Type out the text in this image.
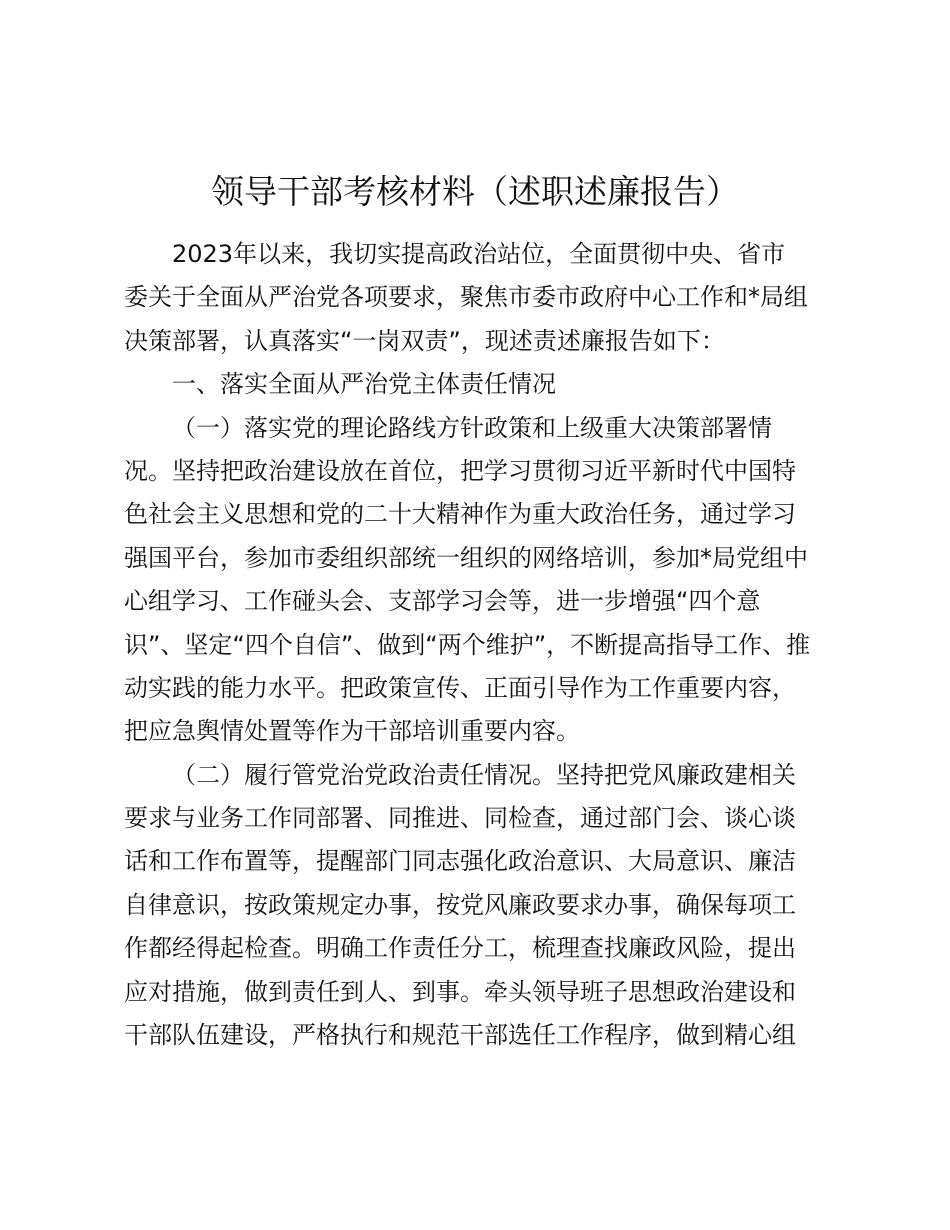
领导干部考核材料（述职述廉报告）
2023年以来，我切实提高政治站位，全面贯彻中央、省市
委关于全面从严治党各项要求，聚焦市委市政府中心工作和*局组
决策部署，认真落实“一岗双责”，现述责述廉报告如下：
一、落实全面从严治党主体责任情况
（一）落实党的理论路线方针政策和上级重大决策部署情
况。坚持把政治建设放在首位，把学习贯彻习近平新时代中国特
色社会主义思想和党的二十大精神作为重大政治任务，通过学习
强国平台，参加市委组织部统一组织的网络培训，参加*局党组中
心组学习、工作碰头会、支部学习会等，进一步增强“四个意
识”、坚定“四个自信”、做到“两个维护”，不断提高指导工作、推
动实践的能力水平。把政策宣传、正面引导作为工作重要内容，
把应急舆情处置等作为干部培训重要内容。
（二）履行管党治党政治责任情况。坚持把党风廉政建相关
要求与业务工作同部署、同推进、同检查，通过部门会、谈心谈
话和工作布置等，提醒部门同志强化政治意识、大局意识、廉洁
自律意识，按政策规定办事，按党风廉政要求办事，确保每项工
作都经得起检查。明确工作责任分工，梳理查找廉政风险，提出
应对措施，做到责任到人、到事。牵头领导班子思想政治建设和
干部队伍建设，严格执行和规范干部选任工作程序，做到精心组
